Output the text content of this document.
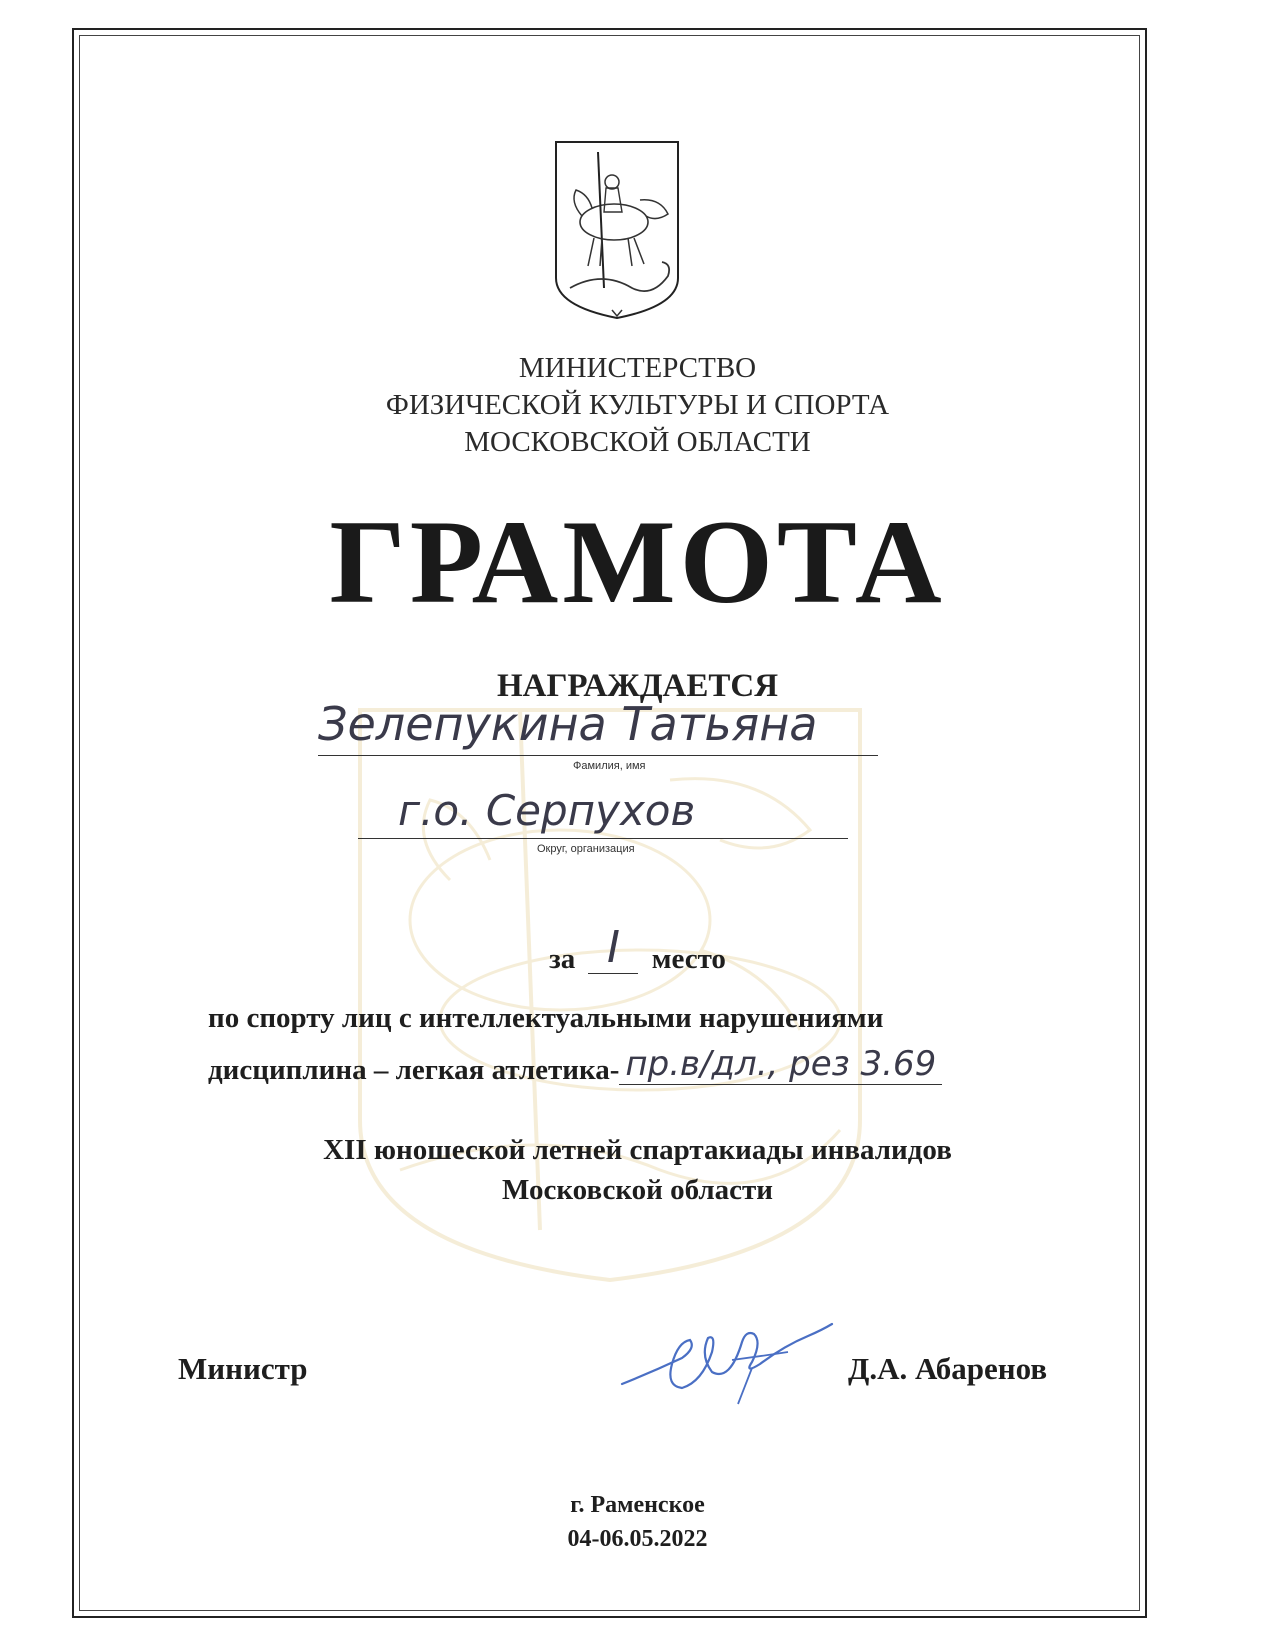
МИНИСТЕРСТВО
ФИЗИЧЕСКОЙ КУЛЬТУРЫ И СПОРТА
МОСКОВСКОЙ ОБЛАСТИ
ГРАМОТА
НАГРАЖДАЕТСЯ
Зелепукина Татьяна
Фамилия, имя
г.о. Серпухов
Округ, организация
за I место
по спорту лиц с интеллектуальными нарушениями
дисциплина – легкая атлетика- пр.в/дл., рез 3.69
XII юношеской летней спартакиады инвалидов
Московской области
Министр	Д.А. Абаренов
г. Раменское
04-06.05.2022
